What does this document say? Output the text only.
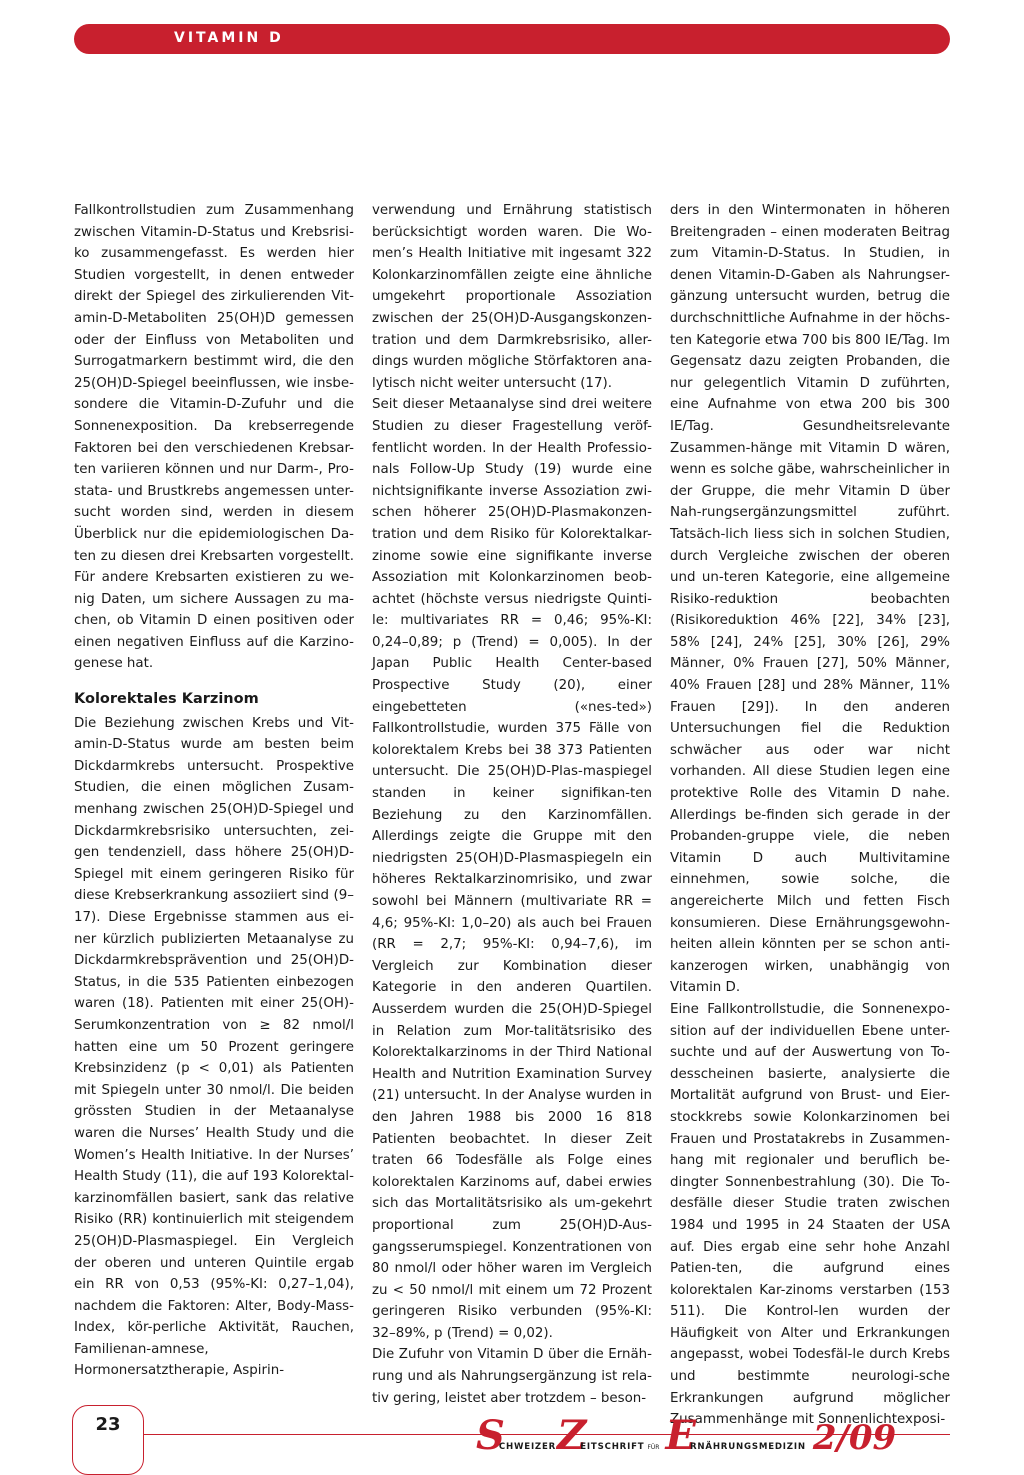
VITAMIN D

Fallkontrollstudien zum Zusammenhang zwischen Vitamin-D-Status und Krebsrisi-ko zusammengefasst. Es werden hier Studien vorgestellt, in denen entweder direkt der Spiegel des zirkulierenden Vit-amin-D-Metaboliten 25(OH)D gemessen oder der Einfluss von Metaboliten und Surrogatmarkern bestimmt wird, die den 25(OH)D-Spiegel beeinflussen, wie insbe-sondere die Vitamin-D-Zufuhr und die Sonnenexposition. Da krebserregende Faktoren bei den verschiedenen Krebsar-ten variieren können und nur Darm-, Pro-stata- und Brustkrebs angemessen unter-sucht worden sind, werden in diesem Überblick nur die epidemiologischen Da-ten zu diesen drei Krebsarten vorgestellt. Für andere Krebsarten existieren zu we-nig Daten, um sichere Aussagen zu ma-chen, ob Vitamin D einen positiven oder einen negativen Einfluss auf die Karzino-genese hat.

Kolorektales Karzinom

Die Beziehung zwischen Krebs und Vit-amin-D-Status wurde am besten beim Dickdarmkrebs untersucht. Prospektive Studien, die einen möglichen Zusam-menhang zwischen 25(OH)D-Spiegel und Dickdarmkrebsrisiko untersuchten, zei-gen tendenziell, dass höhere 25(OH)D-Spiegel mit einem geringeren Risiko für diese Krebserkrankung assoziiert sind (9–17). Diese Ergebnisse stammen aus ei-ner kürzlich publizierten Metaanalyse zu Dickdarmkrebsprävention und 25(OH)D-Status, in die 535 Patienten einbezogen waren (18). Patienten mit einer 25(OH)-Serumkonzentration von ≥ 82 nmol/l hatten eine um 50 Prozent geringere Krebsinzidenz (p < 0,01) als Patienten mit Spiegeln unter 30 nmol/l. Die beiden grössten Studien in der Metaanalyse waren die Nurses’ Health Study und die Women’s Health Initiative. In der Nurses’ Health Study (11), die auf 193 Kolorektal-karzinomfällen basiert, sank das relative Risiko (RR) kontinuierlich mit steigendem 25(OH)D-Plasmaspiegel. Ein Vergleich der oberen und unteren Quintile ergab ein RR von 0,53 (95%-KI: 0,27–1,04), nachdem die Faktoren: Alter, Body-Mass-Index, kör-perliche Aktivität, Rauchen, Familienan-amnese, Hormonersatztherapie, Aspirin-

verwendung und Ernährung statistisch berücksichtigt worden waren. Die Wo-men’s Health Initiative mit ingesamt 322 Kolonkarzinomfällen zeigte eine ähnliche umgekehrt proportionale Assoziation zwischen der 25(OH)D-Ausgangskonzen-tration und dem Darmkrebsrisiko, aller-dings wurden mögliche Störfaktoren ana-lytisch nicht weiter untersucht (17).

Seit dieser Metaanalyse sind drei weitere Studien zu dieser Fragestellung veröf-fentlicht worden. In der Health Professio-nals Follow-Up Study (19) wurde eine nichtsignifikante inverse Assoziation zwi-schen höherer 25(OH)D-Plasmakonzen-tration und dem Risiko für Kolorektalkar-zinome sowie eine signifikante inverse Assoziation mit Kolonkarzinomen beob-achtet (höchste versus niedrigste Quinti-le: multivariates RR = 0,46; 95%-KI: 0,24–0,89; p (Trend) = 0,005). In der Japan Public Health Center-based Prospective Study (20), einer eingebetteten («nes-ted») Fallkontrollstudie, wurden 375 Fälle von kolorektalem Krebs bei 38 373 Patienten untersucht. Die 25(OH)D-Plas-maspiegel standen in keiner signifikan-ten Beziehung zu den Karzinomfällen. Allerdings zeigte die Gruppe mit den niedrigsten 25(OH)D-Plasmaspiegeln ein höheres Rektalkarzinomrisiko, und zwar sowohl bei Männern (multivariate RR = 4,6; 95%-KI: 1,0–20) als auch bei Frauen (RR = 2,7; 95%-KI: 0,94–7,6), im Vergleich zur Kombination dieser Kategorie in den anderen Quartilen. Ausserdem wurden die 25(OH)D-Spiegel in Relation zum Mor-talitätsrisiko des Kolorektalkarzinoms in der Third National Health and Nutrition Examination Survey (21) untersucht. In der Analyse wurden in den Jahren 1988 bis 2000 16 818 Patienten beobachtet. In dieser Zeit traten 66 Todesfälle als Folge eines kolorektalen Karzinoms auf, dabei erwies sich das Mortalitätsrisiko als um-gekehrt proportional zum 25(OH)D-Aus-gangsserumspiegel. Konzentrationen von 80 nmol/l oder höher waren im Vergleich zu < 50 nmol/l mit einem um 72 Prozent geringeren Risiko verbunden (95%-KI: 32–89%, p (Trend) = 0,02).

Die Zufuhr von Vitamin D über die Ernäh-rung und als Nahrungsergänzung ist rela-tiv gering, leistet aber trotzdem – beson-

ders in den Wintermonaten in höheren Breitengraden – einen moderaten Beitrag zum Vitamin-D-Status. In Studien, in denen Vitamin-D-Gaben als Nahrungser-gänzung untersucht wurden, betrug die durchschnittliche Aufnahme in der höchs-ten Kategorie etwa 700 bis 800 IE/Tag. Im Gegensatz dazu zeigten Probanden, die nur gelegentlich Vitamin D zuführten, eine Aufnahme von etwa 200 bis 300 IE/Tag. Gesundheitsrelevante Zusammen-hänge mit Vitamin D wären, wenn es solche gäbe, wahrscheinlicher in der Gruppe, die mehr Vitamin D über Nah-rungsergänzungsmittel zuführt. Tatsäch-lich liess sich in solchen Studien, durch Vergleiche zwischen der oberen und un-teren Kategorie, eine allgemeine Risiko-reduktion beobachten (Risikoreduktion 46% [22], 34% [23], 58% [24], 24% [25], 30% [26], 29% Männer, 0% Frauen [27], 50% Männer, 40% Frauen [28] und 28% Männer, 11% Frauen [29]). In den anderen Untersuchungen fiel die Reduktion schwächer aus oder war nicht vorhanden. All diese Studien legen eine protektive Rolle des Vitamin D nahe. Allerdings be-finden sich gerade in der Probanden-gruppe viele, die neben Vitamin D auch Multivitamine einnehmen, sowie solche, die angereicherte Milch und fetten Fisch konsumieren. Diese Ernährungsgewohn-heiten allein könnten per se schon anti-kanzerogen wirken, unabhängig von Vitamin D.

Eine Fallkontrollstudie, die Sonnenexpo-sition auf der individuellen Ebene unter-suchte und auf der Auswertung von To-desscheinen basierte, analysierte die Mortalität aufgrund von Brust- und Eier-stockkrebs sowie Kolonkarzinomen bei Frauen und Prostatakrebs in Zusammen-hang mit regionaler und beruflich be-dingter Sonnenbestrahlung (30). Die To-desfälle dieser Studie traten zwischen 1984 und 1995 in 24 Staaten der USA auf. Dies ergab eine sehr hohe Anzahl Patien-ten, die aufgrund eines kolorektalen Kar-zinoms verstarben (153 511). Die Kontrol-len wurden der Häufigkeit von Alter und Erkrankungen angepasst, wobei Todesfäl-le durch Krebs und bestimmte neurologi-sche Erkrankungen aufgrund möglicher Zusammenhänge mit Sonnenlichtexposi-

23	S
CHWEIZER Z
EITSCHRIFT FÜR E
RNÄHRUNGSMEDIZIN 2/09
